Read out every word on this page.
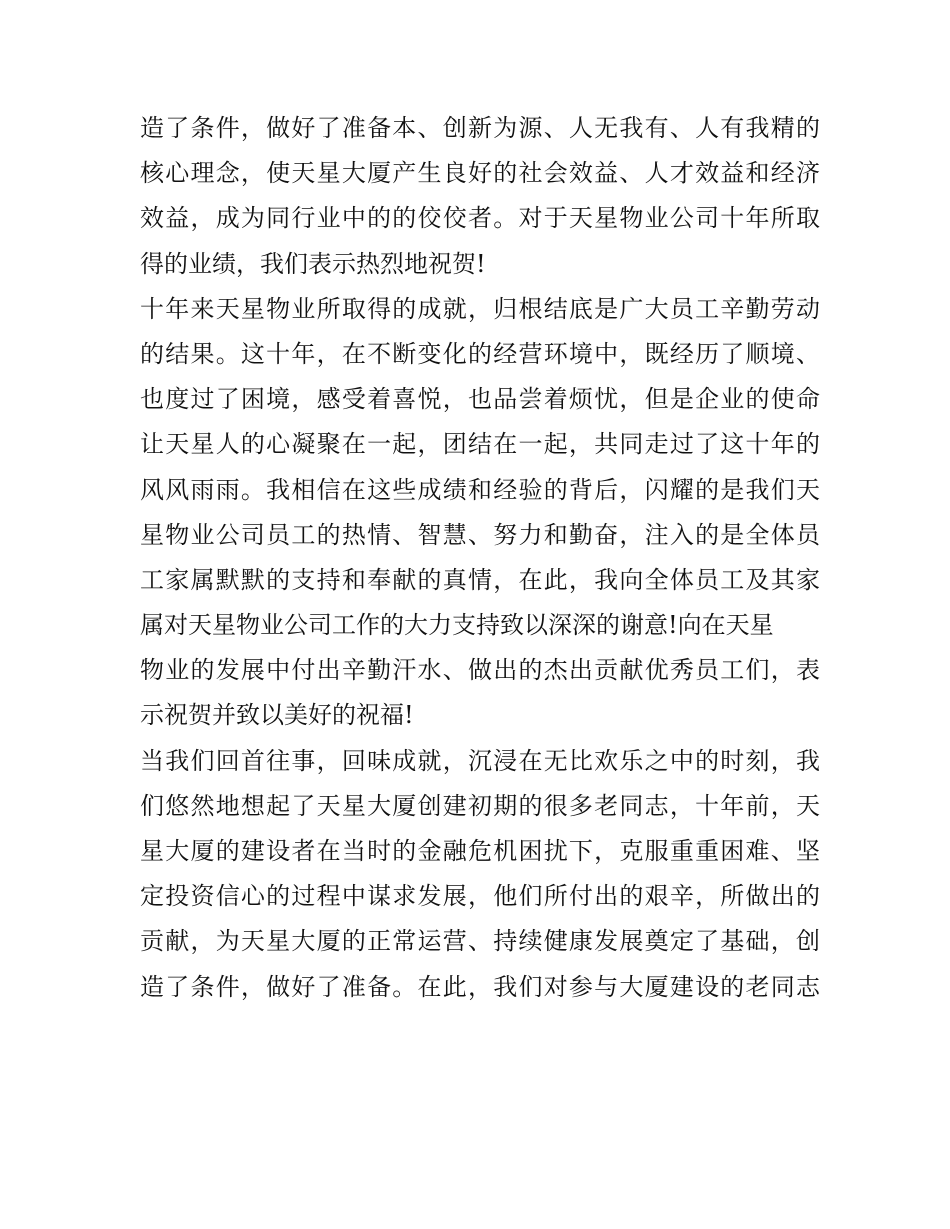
造了条件，做好了准备本、创新为源、人无我有、人有我精的
核心理念，使天星大厦产生良好的社会效益、人才效益和经济
效益，成为同行业中的的佼佼者。对于天星物业公司十年所取
得的业绩，我们表示热烈地祝贺!
十年来天星物业所取得的成就，归根结底是广大员工辛勤劳动
的结果。这十年，在不断变化的经营环境中，既经历了顺境、
也度过了困境，感受着喜悦，也品尝着烦忧，但是企业的使命
让天星人的心凝聚在一起，团结在一起，共同走过了这十年的
风风雨雨。我相信在这些成绩和经验的背后，闪耀的是我们天
星物业公司员工的热情、智慧、努力和勤奋，注入的是全体员
工家属默默的支持和奉献的真情，在此，我向全体员工及其家
属对天星物业公司工作的大力支持致以深深的谢意!向在天星
物业的发展中付出辛勤汗水、做出的杰出贡献优秀员工们，表
示祝贺并致以美好的祝福!
当我们回首往事，回味成就，沉浸在无比欢乐之中的时刻，我
们悠然地想起了天星大厦创建初期的很多老同志，十年前，天
星大厦的建设者在当时的金融危机困扰下，克服重重困难、坚
定投资信心的过程中谋求发展，他们所付出的艰辛，所做出的
贡献，为天星大厦的正常运营、持续健康发展奠定了基础，创
造了条件，做好了准备。在此，我们对参与大厦建设的老同志
